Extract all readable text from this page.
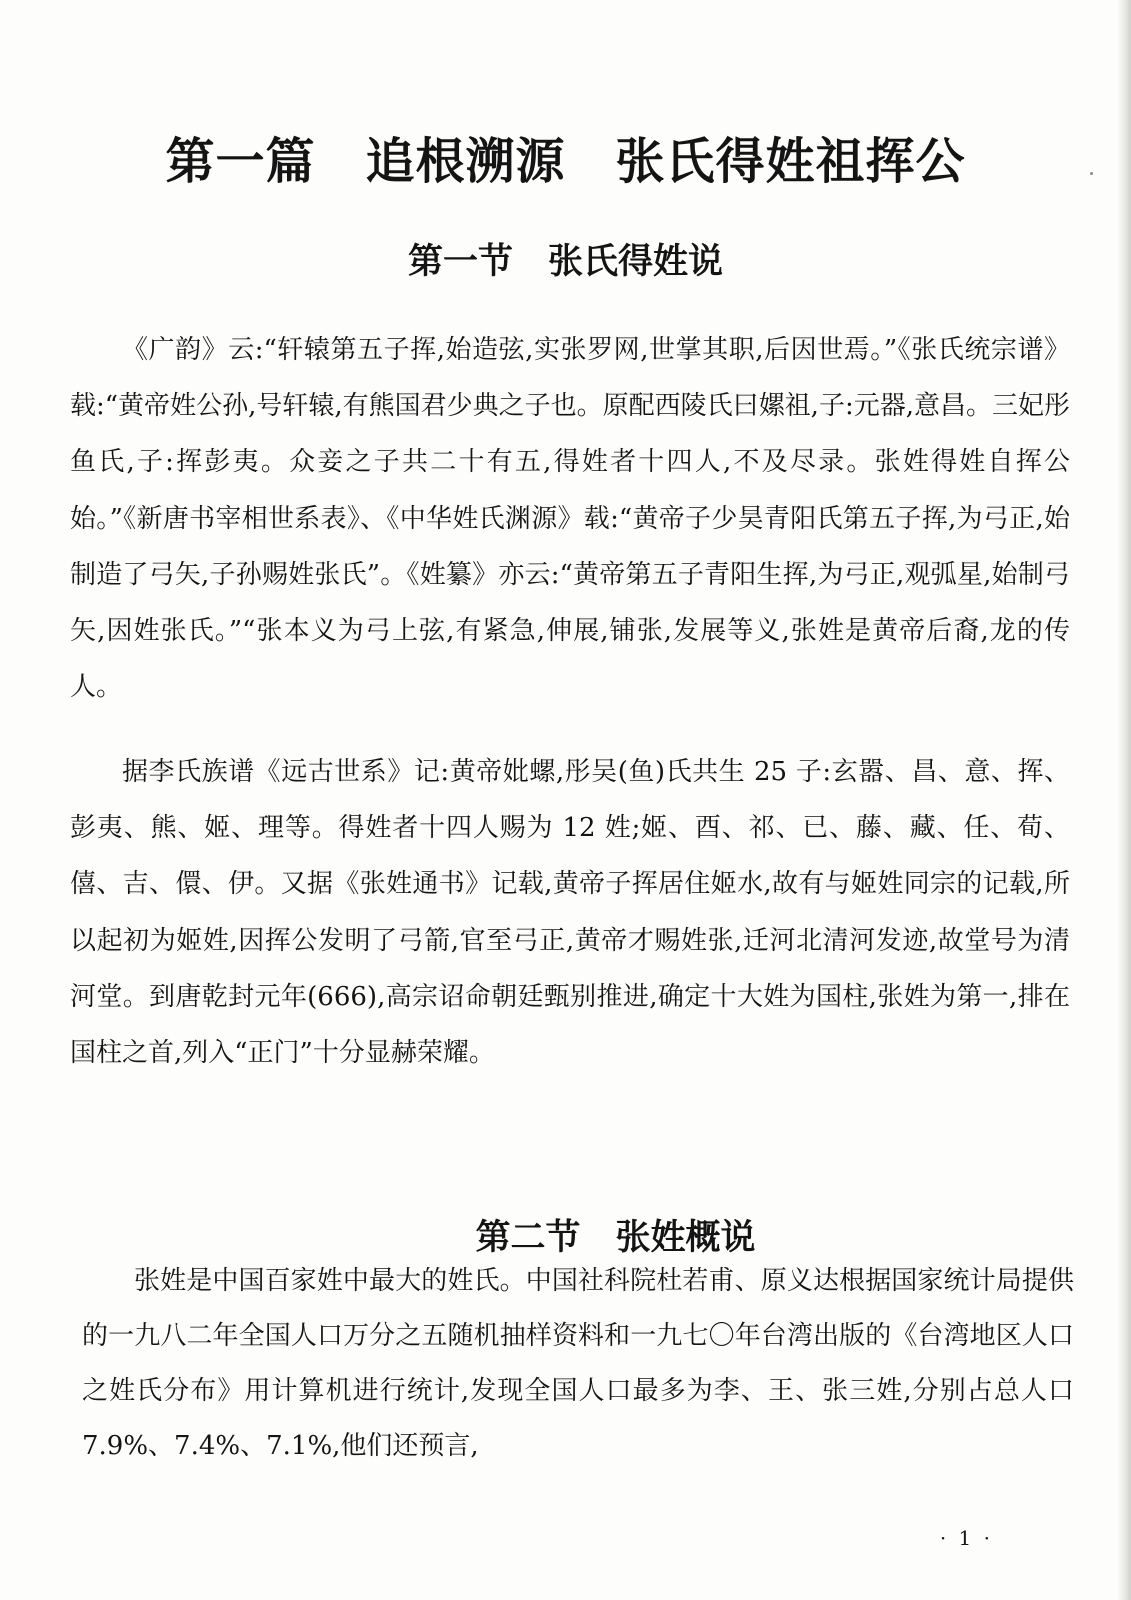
第一篇　追根溯源　张氏得姓祖挥公
第一节　张氏得姓说

《广韵》云:“轩辕第五子挥,始造弦,实张罗网,世掌其职,后因世焉。”《张氏统宗谱》载:“黄帝姓公孙,号轩辕,有熊国君少典之子也。原配西陵氏曰嫘祖,子:元器,意昌。三妃彤鱼氏,子:挥彭夷。众妾之子共二十有五,得姓者十四人,不及尽录。张姓得姓自挥公始。”《新唐书宰相世系表》、《中华姓氏渊源》载:“黄帝子少昊青阳氏第五子挥,为弓正,始制造了弓矢,子孙赐姓张氏”。《姓纂》亦云:“黄帝第五子青阳生挥,为弓正,观弧星,始制弓矢,因姓张氏。”“张本义为弓上弦,有紧急,伸展,铺张,发展等义,张姓是黄帝后裔,龙的传人。

据李氏族谱《远古世系》记:黄帝妣螺,彤吴(鱼)氏共生 25 子:玄嚣、昌、意、挥、彭夷、熊、姬、理等。得姓者十四人赐为 12 姓;姬、酉、祁、已、藤、藏、任、荀、僖、吉、儇、伊。又据《张姓通书》记载,黄帝子挥居住姬水,故有与姬姓同宗的记载,所以起初为姬姓,因挥公发明了弓箭,官至弓正,黄帝才赐姓张,迁河北清河发迹,故堂号为清河堂。到唐乾封元年(666),高宗诏命朝廷甄别推进,确定十大姓为国柱,张姓为第一,排在国柱之首,列入“正门”十分显赫荣耀。

第二节　张姓概说

张姓是中国百家姓中最大的姓氏。中国社科院杜若甫、原义达根据国家统计局提供的一九八二年全国人口万分之五随机抽样资料和一九七〇年台湾出版的《台湾地区人口之姓氏分布》用计算机进行统计,发现全国人口最多为李、王、张三姓,分别占总人口 7.9%、7.4%、7.1%,他们还预言,

· 1 ·
